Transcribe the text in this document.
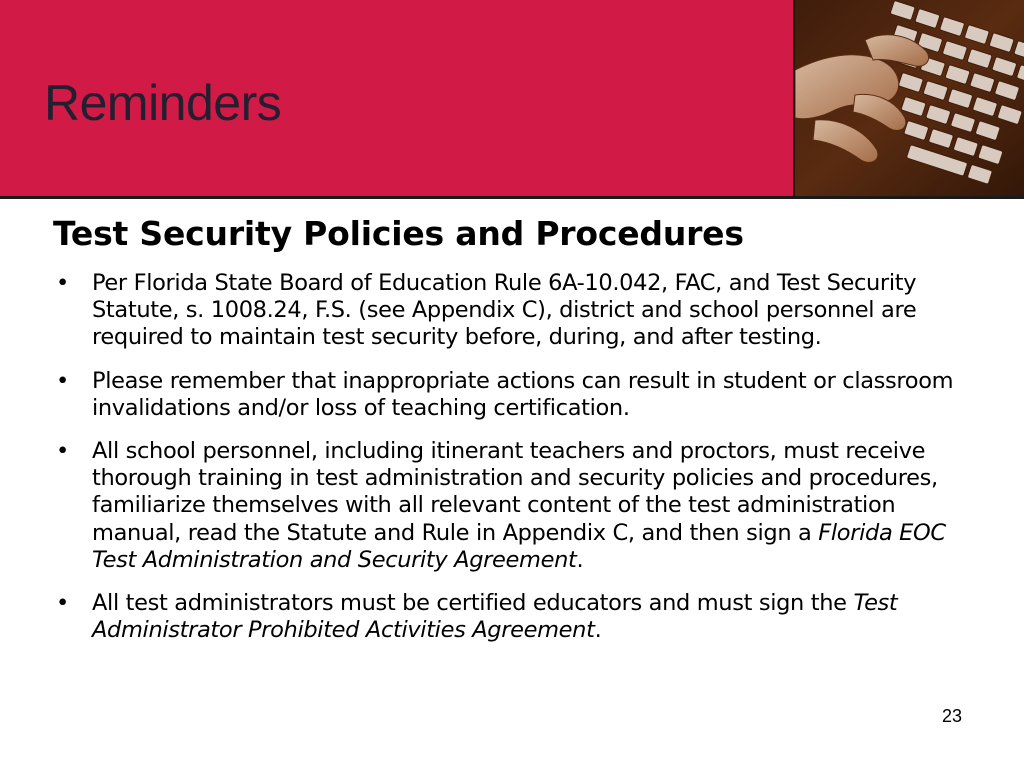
Reminders
Test Security Policies and Procedures
•	Per Florida State Board of Education Rule 6A-10.042, FAC, and Test Security Statute, s. 1008.24, F.S. (see Appendix C), district and school personnel are required to maintain test security before, during, and after testing.
•	Please remember that inappropriate actions can result in student or classroom invalidations and/or loss of teaching certification.
•	All school personnel, including itinerant teachers and proctors, must receive thorough training in test administration and security policies and procedures, familiarize themselves with all relevant content of the test administration manual, read the Statute and Rule in Appendix C, and then sign a Florida EOC Test Administration and Security Agreement.
•	All test administrators must be certified educators and must sign the Test Administrator Prohibited Activities Agreement.
23
